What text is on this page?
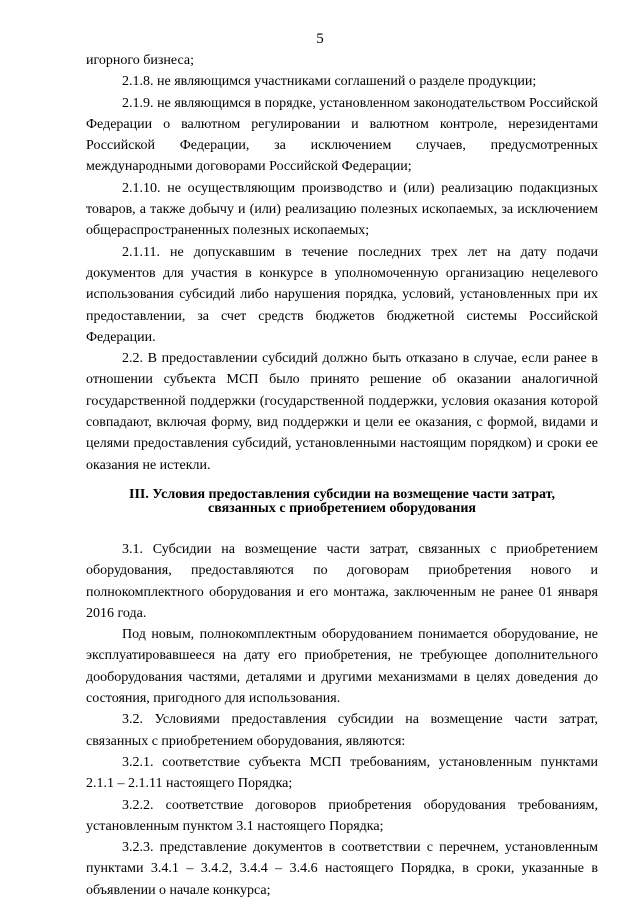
5

игорного бизнеса;

2.1.8. не являющимся участниками соглашений о разделе продукции;

2.1.9. не являющимся в порядке, установленном законодательством Российской Федерации о валютном регулировании и валютном контроле, нерезидентами Российской Федерации, за исключением случаев, предусмотренных международными договорами Российской Федерации;

2.1.10. не осуществляющим производство и (или) реализацию подакцизных товаров, а также добычу и (или) реализацию полезных ископаемых, за исключением общераспространенных полезных ископаемых;

2.1.11. не допускавшим в течение последних трех лет на дату подачи документов для участия в конкурсе в уполномоченную организацию нецелевого использования субсидий либо нарушения порядка, условий, установленных при их предоставлении, за счет средств бюджетов бюджетной системы Российской Федерации.

2.2. В предоставлении субсидий должно быть отказано в случае, если ранее в отношении субъекта МСП было принято решение об оказании аналогичной государственной поддержки (государственной поддержки, условия оказания которой совпадают, включая форму, вид поддержки и цели ее оказания, с формой, видами и целями предоставления субсидий, установленными настоящим порядком) и сроки ее оказания не истекли.

III. Условия предоставления субсидии на возмещение части затрат,
связанных с приобретением оборудования

3.1. Субсидии на возмещение части затрат, связанных с приобретением оборудования, предоставляются по договорам приобретения нового и полнокомплектного оборудования и его монтажа, заключенным не ранее 01 января 2016 года.

Под новым, полнокомплектным оборудованием понимается оборудование, не эксплуатировавшееся на дату его приобретения, не требующее дополнительного дооборудования частями, деталями и другими механизмами в целях доведения до состояния, пригодного для использования.

3.2. Условиями предоставления субсидии на возмещение части затрат, связанных с приобретением оборудования, являются:

3.2.1. соответствие субъекта МСП требованиям, установленным пунктами 2.1.1 – 2.1.11 настоящего Порядка;

3.2.2. соответствие договоров приобретения оборудования требованиям, установленным пунктом 3.1 настоящего Порядка;

3.2.3. представление документов в соответствии с перечнем, установленным пунктами 3.4.1 – 3.4.2, 3.4.4 – 3.4.6 настоящего Порядка, в сроки, указанные в объявлении о начале конкурса;
